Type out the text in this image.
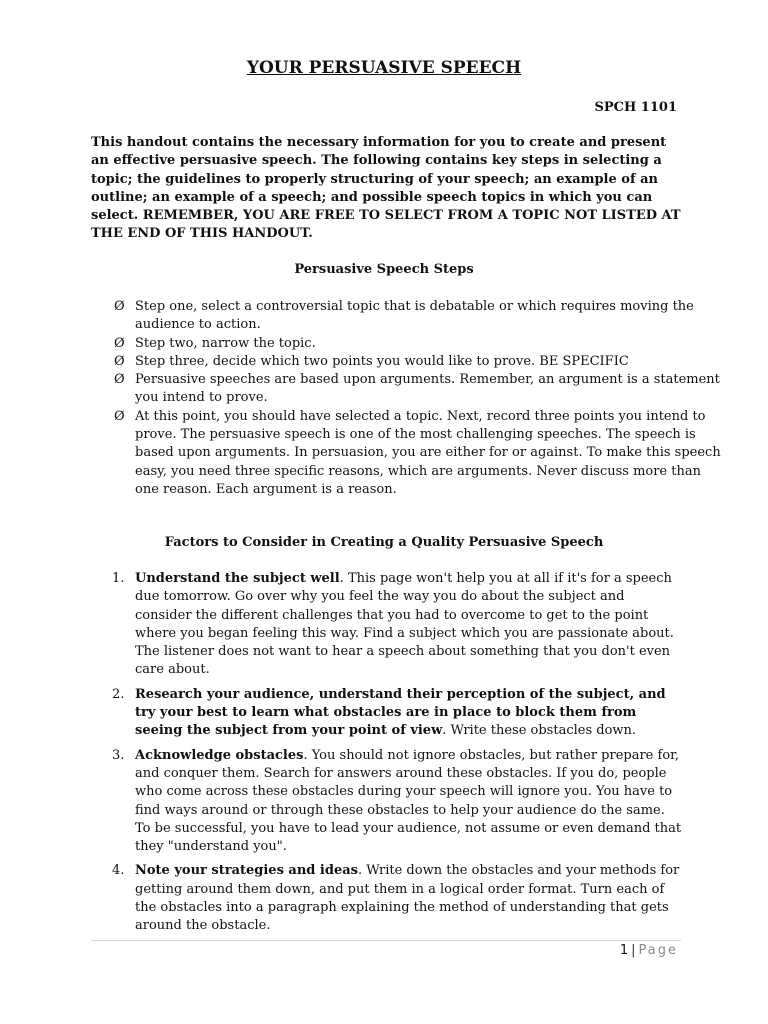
YOUR PERSUASIVE SPEECH
SPCH 1101

This handout contains the necessary information for you to create and present an effective persuasive speech. The following contains key steps in selecting a topic; the guidelines to properly structuring of your speech; an example of an outline; an example of a speech; and possible speech topics in which you can select. REMEMBER, YOU ARE FREE TO SELECT FROM A TOPIC NOT LISTED AT THE END OF THIS HANDOUT.

Persuasive Speech Steps
Ø Step one, select a controversial topic that is debatable or which requires moving the audience to action.
Ø Step two, narrow the topic.
Ø Step three, decide which two points you would like to prove. BE SPECIFIC
Ø Persuasive speeches are based upon arguments. Remember, an argument is a statement you intend to prove.
Ø At this point, you should have selected a topic. Next, record three points you intend to prove. The persuasive speech is one of the most challenging speeches. The speech is based upon arguments. In persuasion, you are either for or against. To make this speech easy, you need three specific reasons, which are arguments. Never discuss more than one reason. Each argument is a reason.
Factors to Consider in Creating a Quality Persuasive Speech
1. Understand the subject well. This page won't help you at all if it's for a speech due tomorrow. Go over why you feel the way you do about the subject and consider the different challenges that you had to overcome to get to the point where you began feeling this way. Find a subject which you are passionate about. The listener does not want to hear a speech about something that you don't even care about.
2. Research your audience, understand their perception of the subject, and try your best to learn what obstacles are in place to block them from seeing the subject from your point of view. Write these obstacles down.
3. Acknowledge obstacles. You should not ignore obstacles, but rather prepare for, and conquer them. Search for answers around these obstacles. If you do, people who come across these obstacles during your speech will ignore you. You have to find ways around or through these obstacles to help your audience do the same. To be successful, you have to lead your audience, not assume or even demand that they "understand you".
4. Note your strategies and ideas. Write down the obstacles and your methods for getting around them down, and put them in a logical order format. Turn each of the obstacles into a paragraph explaining the method of understanding that gets around the obstacle.
1 | Page
